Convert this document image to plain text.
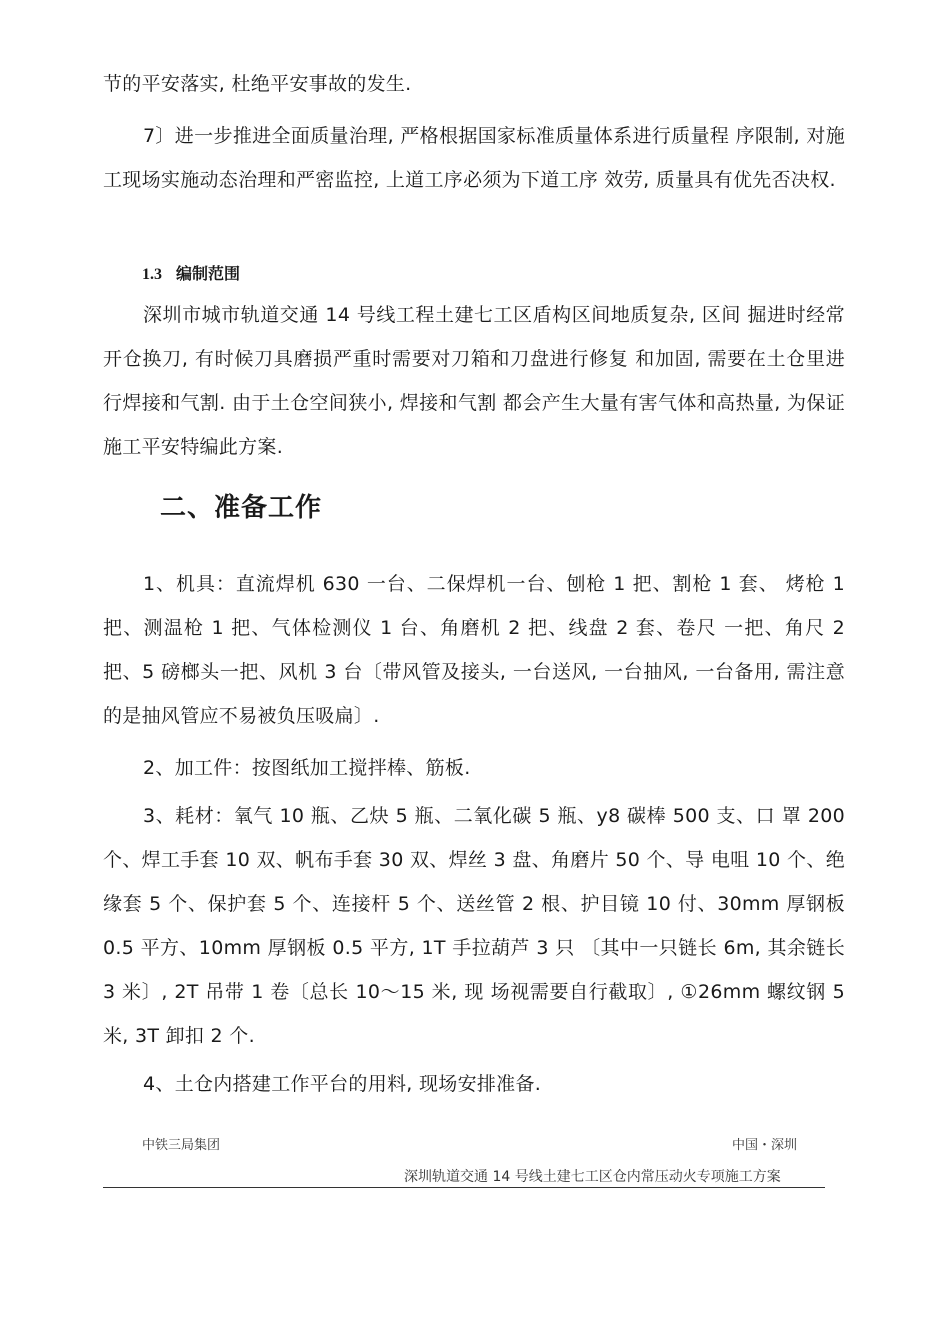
节的平安落实, 杜绝平安事故的发生.
7〕进一步推进全面质量治理, 严格根据国家标准质量体系进行质量程 序限制, 对施工现场实施动态治理和严密监控, 上道工序必须为下道工序 效劳, 质量具有优先否决权.
1.3 编制范围
深圳市城市轨道交通 14 号线工程土建七工区盾构区间地质复杂, 区间 掘进时经常开仓换刀, 有时候刀具磨损严重时需要对刀箱和刀盘进行修复 和加固, 需要在土仓里进行焊接和气割. 由于土仓空间狭小, 焊接和气割 都会产生大量有害气体和高热量, 为保证施工平安特编此方案.
二、准备工作
1、机具：直流焊机 630 一台、二保焊机一台、刨枪 1 把、割枪 1 套、 烤枪 1 把、测温枪 1 把、气体检测仪 1 台、角磨机 2 把、线盘 2 套、卷尺 一把、角尺 2 把、5 磅榔头一把、风机 3 台〔带风管及接头, 一台送风, 一台抽风, 一台备用, 需注意的是抽风管应不易被负压吸扁〕.
2、加工件：按图纸加工搅拌棒、筋板.
3、耗材：氧气 10 瓶、乙炔 5 瓶、二氧化碳 5 瓶、y8 碳棒 500 支、口 罩 200 个、焊工手套 10 双、帆布手套 30 双、焊丝 3 盘、角磨片 50 个、导 电咀 10 个、绝缘套 5 个、保护套 5 个、连接杆 5 个、送丝管 2 根、护目镜 10 付、30mm 厚钢板 0.5 平方、10mm 厚钢板 0.5 平方, 1T 手拉葫芦 3 只 〔其中一只链长 6m, 其余链长 3 米〕, 2T 吊带 1 卷〔总长 10〜15 米, 现 场视需要自行截取〕, ①26mm 螺纹钢 5 米, 3T 卸扣 2 个.
4、土仓内搭建工作平台的用料, 现场安排准备.
中铁三局集团	中国・深圳
深圳轨道交通 14 号线土建七工区仓内常压动火专项施工方案
